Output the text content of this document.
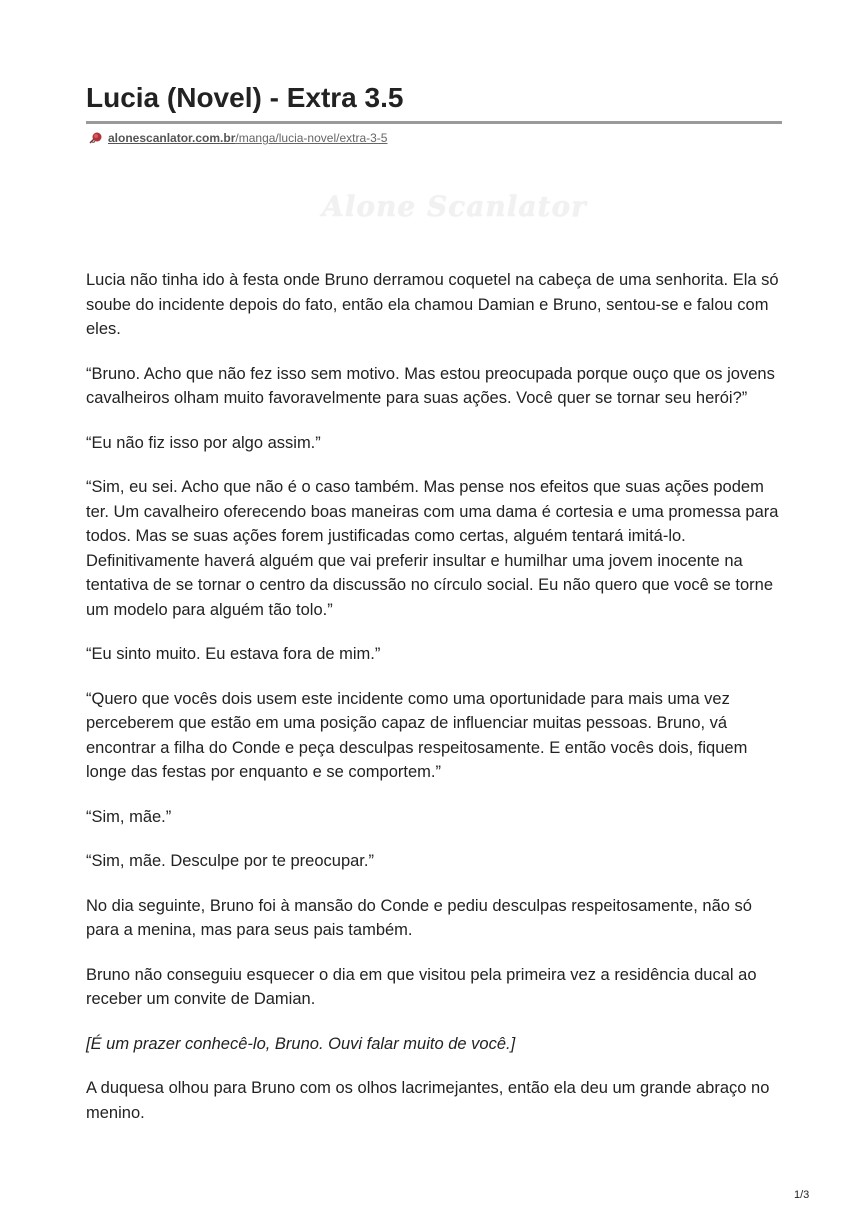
Lucia (Novel) - Extra 3.5
alonescanlator.com.br/manga/lucia-novel/extra-3-5
Alone Scanlator

Lucia não tinha ido à festa onde Bruno derramou coquetel na cabeça de uma senhorita. Ela só soube do incidente depois do fato, então ela chamou Damian e Bruno, sentou-se e falou com eles.

“Bruno. Acho que não fez isso sem motivo. Mas estou preocupada porque ouço que os jovens cavalheiros olham muito favoravelmente para suas ações. Você quer se tornar seu herói?”

“Eu não fiz isso por algo assim.”

“Sim, eu sei. Acho que não é o caso também. Mas pense nos efeitos que suas ações podem ter. Um cavalheiro oferecendo boas maneiras com uma dama é cortesia e uma promessa para todos. Mas se suas ações forem justificadas como certas, alguém tentará imitá-lo. Definitivamente haverá alguém que vai preferir insultar e humilhar uma jovem inocente na tentativa de se tornar o centro da discussão no círculo social. Eu não quero que você se torne um modelo para alguém tão tolo.”

“Eu sinto muito. Eu estava fora de mim.”

“Quero que vocês dois usem este incidente como uma oportunidade para mais uma vez perceberem que estão em uma posição capaz de influenciar muitas pessoas. Bruno, vá encontrar a filha do Conde e peça desculpas respeitosamente. E então vocês dois, fiquem longe das festas por enquanto e se comportem.”

“Sim, mãe.”

“Sim, mãe. Desculpe por te preocupar.”

No dia seguinte, Bruno foi à mansão do Conde e pediu desculpas respeitosamente, não só para a menina, mas para seus pais também.

Bruno não conseguiu esquecer o dia em que visitou pela primeira vez a residência ducal ao receber um convite de Damian.

[É um prazer conhecê-lo, Bruno. Ouvi falar muito de você.]

A duquesa olhou para Bruno com os olhos lacrimejantes, então ela deu um grande abraço no menino.

1/3
